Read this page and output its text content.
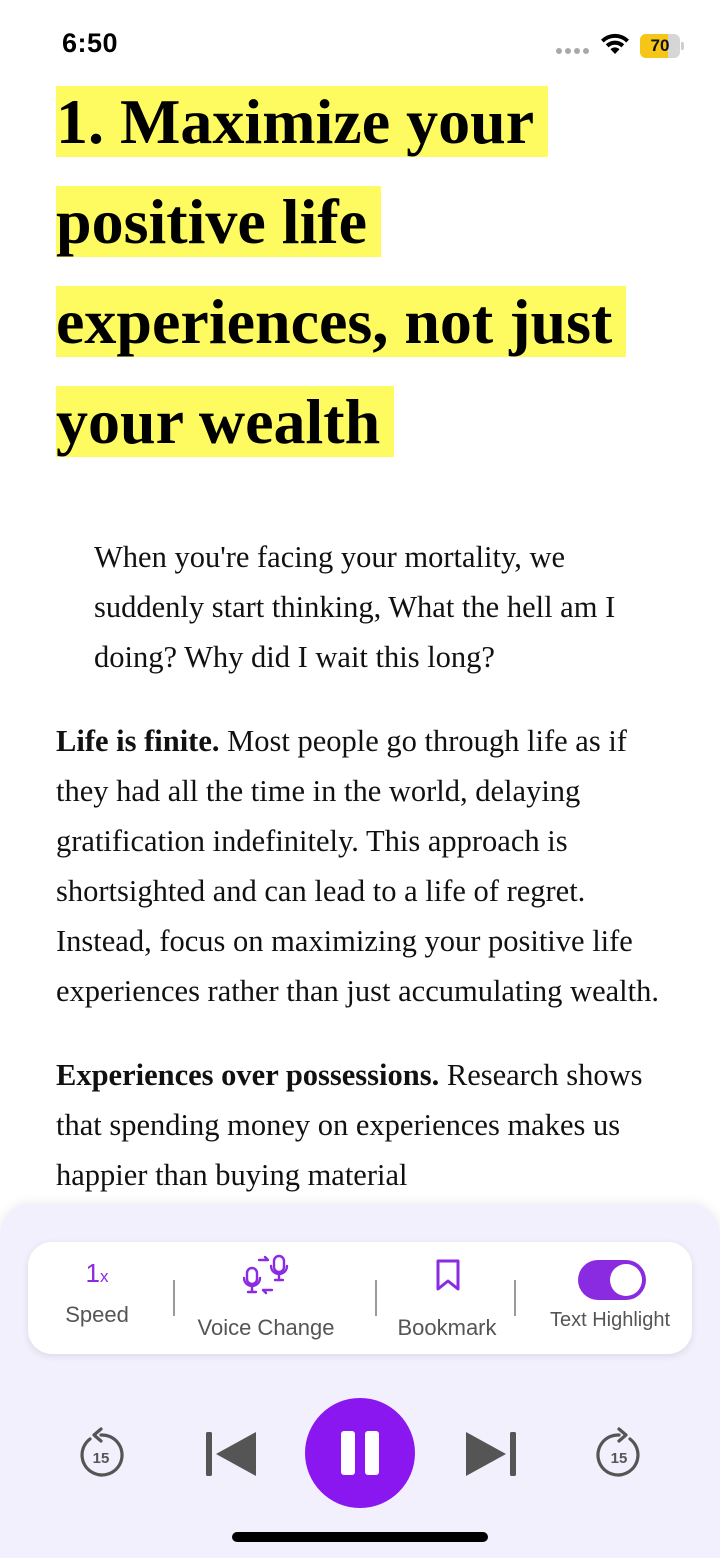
6:50	70
1. Maximize your positive life experiences, not just your wealth

When you're facing your mortality, we suddenly start thinking, What the hell am I doing? Why did I wait this long?

Life is finite. Most people go through life as if they had all the time in the world, delaying gratification indefinitely. This approach is shortsighted and can lead to a life of regret. Instead, focus on maximizing your positive life experiences rather than just accumulating wealth.

Experiences over possessions. Research shows that spending money on experiences makes us happier than buying material

1x
Speed
Voice Change	Bookmark	Text Highlight
15	15
